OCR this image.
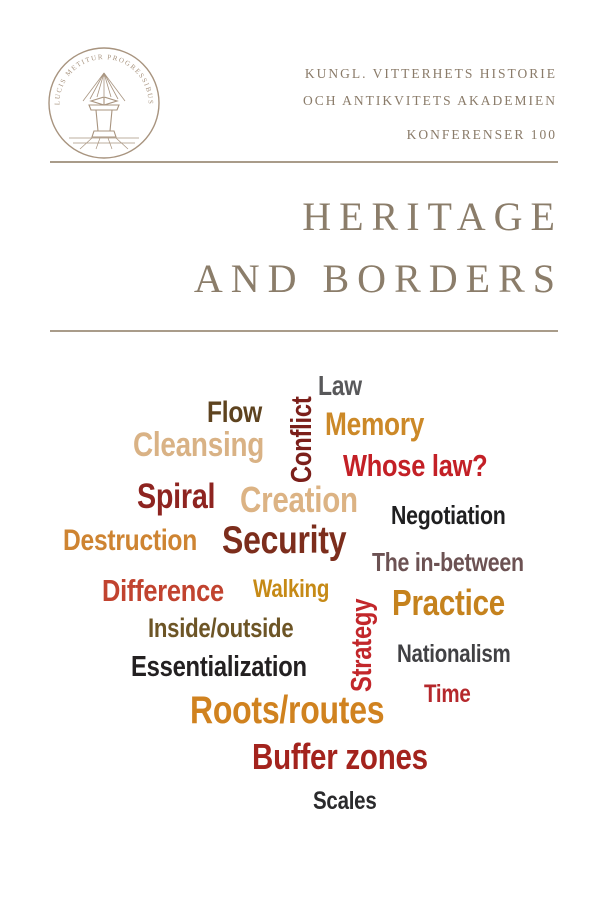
LUCIS METITUR PROGRESSIBUS
KUNGL. VITTERHETS HISTORIE
OCH ANTIKVITETS AKADEMIEN
KONFERENSER 100
HERITAGE
AND BORDERS
Law
Flow Conflict Memory
Cleansing
Whose law?
Spiral Creation Negotiation
Destruction Security The in-between
Difference Walking
Strategy Practice
Inside/outside
Nationalism
Essentialization
Time
Roots/routes
Buffer zones
Scales
